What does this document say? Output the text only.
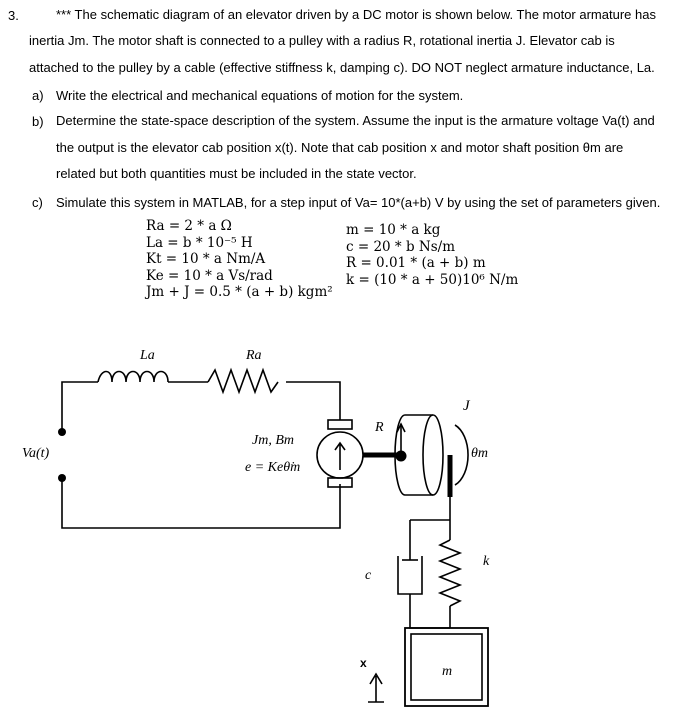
3.	*** The schematic diagram of an elevator driven by a DC motor is shown below. The motor armature has
inertia Jm. The motor shaft is connected to a pulley with a radius R, rotational inertia J. Elevator cab is
attached to the pulley by a cable (effective stiffness k, damping c). DO NOT neglect armature inductance, La.
a) Write the electrical and mechanical equations of motion for the system.
b) Determine the state-space description of the system. Assume the input is the armature voltage Va(t) and
the output is the elevator cab position x(t). Note that cab position x and motor shaft position θm are
related but both quantities must be included in the state vector.
c) Simulate this system in MATLAB, for a step input of Va= 10*(a+b) V by using the set of parameters given.
Ra = 2 * a Ω
La = b * 10⁻⁵ H
Kt = 10 * a Nm/A
Ke = 10 * a Vs/rad
Jm + J = 0.5 * (a + b) kgm²
m = 10 * a kg
c = 20 * b Ns/m
R = 0.01 * (a + b) m
k = (10 * a + 50)10⁶ N/m
La	Ra
Va(t)
Jm, Bm
e = Keθ̇m
R
J
θm
c
k
m
x
